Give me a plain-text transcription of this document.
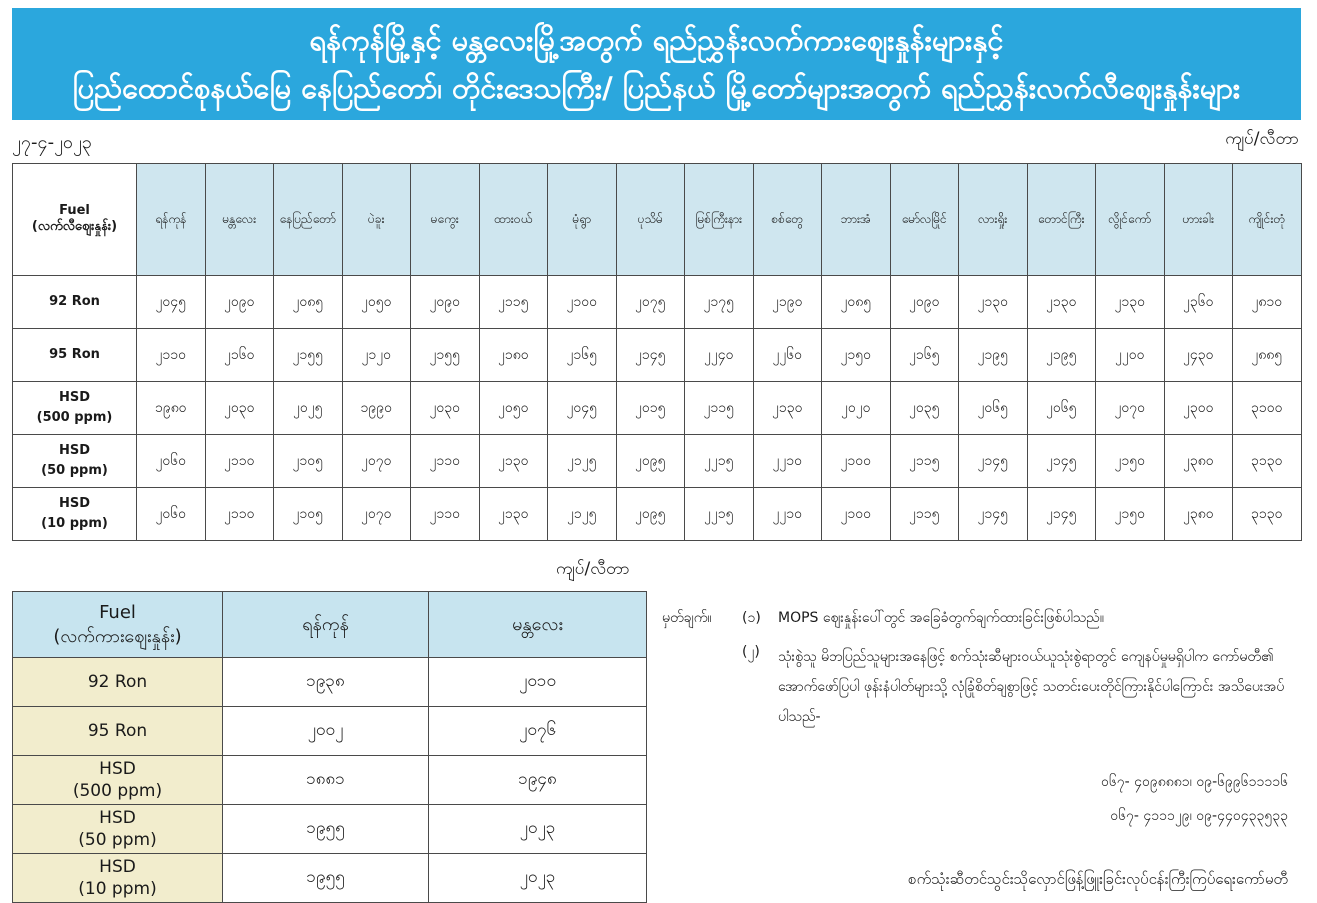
ရန်ကုန်မြို့နှင့် မန္တလေးမြို့အတွက် ရည်ညွှန်းလက်ကားဈေးနှုန်းများနှင့်
ပြည်ထောင်စုနယ်မြေ နေပြည်တော်၊ တိုင်းဒေသကြီး/ ပြည်နယ် မြို့တော်များအတွက် ရည်ညွှန်းလက်လီဈေးနှုန်းများ
၂၇-၄-၂၀၂၃	ကျပ်/လီတာ
Fuel
(လက်လီဈေးနှုန်း)	ရန်ကုန်	မန္တလေး	နေပြည်တော်	ပဲခူး	မကွေး	ထားဝယ်	မုံရွာ	ပုသိမ်	မြစ်ကြီးနား	စစ်တွေ	ဘားအံ	မော်လမြိုင်	လားရှိုး	တောင်ကြီး	လွိုင်ကော်	ဟားခါး	ကျိုင်းတုံ
92 Ron	၂၀၄၅	၂၀၉၀	၂၀၈၅	၂၀၅၀	၂၀၉၀	၂၁၁၅	၂၁၀၀	၂၀၇၅	၂၁၇၅	၂၁၉၀	၂၀၈၅	၂၀၉၀	၂၁၃၀	၂၁၃၀	၂၁၃၀	၂၃၆၀	၂၈၁၀
95 Ron	၂၁၁၀	၂၁၆၀	၂၁၅၅	၂၁၂၀	၂၁၅၅	၂၁၈၀	၂၁၆၅	၂၁၄၅	၂၂၄၀	၂၂၆၀	၂၁၅၀	၂၁၆၅	၂၁၉၅	၂၁၉၅	၂၂၀၀	၂၄၃၀	၂၈၈၅
HSD
(500 ppm)	၁၉၈၀	၂၀၃၀	၂၀၂၅	၁၉၉၀	၂၀၃၀	၂၀၅၀	၂၀၄၅	၂၀၁၅	၂၁၁၅	၂၁၃၀	၂၀၂၀	၂၀၃၅	၂၀၆၅	၂၀၆၅	၂၀၇၀	၂၃၀၀	၃၁၀၀
HSD
(50 ppm)	၂၀၆၀	၂၁၁၀	၂၁၀၅	၂၀၇၀	၂၁၁၀	၂၁၃၀	၂၁၂၅	၂၀၉၅	၂၂၁၅	၂၂၁၀	၂၁၀၀	၂၁၁၅	၂၁၄၅	၂၁၄၅	၂၁၅၀	၂၃၈၀	၃၁၃၀
HSD
(10 ppm)	၂၀၆၀	၂၁၁၀	၂၁၀၅	၂၀၇၀	၂၁၁၀	၂၁၃၀	၂၁၂၅	၂၀၉၅	၂၂၁၅	၂၂၁၀	၂၁၀၀	၂၁၁၅	၂၁၄၅	၂၁၄၅	၂၁၅၀	၂၃၈၀	၃၁၃၀
ကျပ်/လီတာ
Fuel
(လက်ကားဈေးနှုန်း)	ရန်ကုန်	မန္တလေး
92 Ron	၁၉၃၈	၂၀၁၀
95 Ron	၂၀၀၂	၂၀၇၆
HSD
(500 ppm)	၁၈၈၁	၁၉၄၈
HSD
(50 ppm)	၁၉၅၅	၂၀၂၃
HSD
(10 ppm)	၁၉၅၅	၂၀၂၃
မှတ်ချက်။ (၁) MOPS ဈေးနှုန်းပေါ်တွင် အခြေခံတွက်ချက်ထားခြင်းဖြစ်ပါသည်။
(၂) သုံးစွဲသူ မိဘပြည်သူများအနေဖြင့် စက်သုံးဆီများဝယ်ယူသုံးစွဲရာတွင် ကျေနပ်မှုမရှိပါက ကော်မတီ၏ အောက်ဖော်ပြပါ ဖုန်းနံပါတ်များသို့ လုံခြုံစိတ်ချစွာဖြင့် သတင်းပေးတိုင်ကြားနိုင်ပါကြောင်း အသိပေးအပ်ပါသည်-
၀၆၇- ၄၀၉၈၈၈၁၊ ၀၉-၆၉၉၆၁၁၁၁၆
၀၆၇- ၄၁၁၁၂၉၊ ၀၉-၄၄၀၄၃၃၅၃၃
စက်သုံးဆီတင်သွင်းသိုလှောင်ဖြန့်ဖြူးခြင်းလုပ်ငန်းကြီးကြပ်ရေးကော်မတီ
